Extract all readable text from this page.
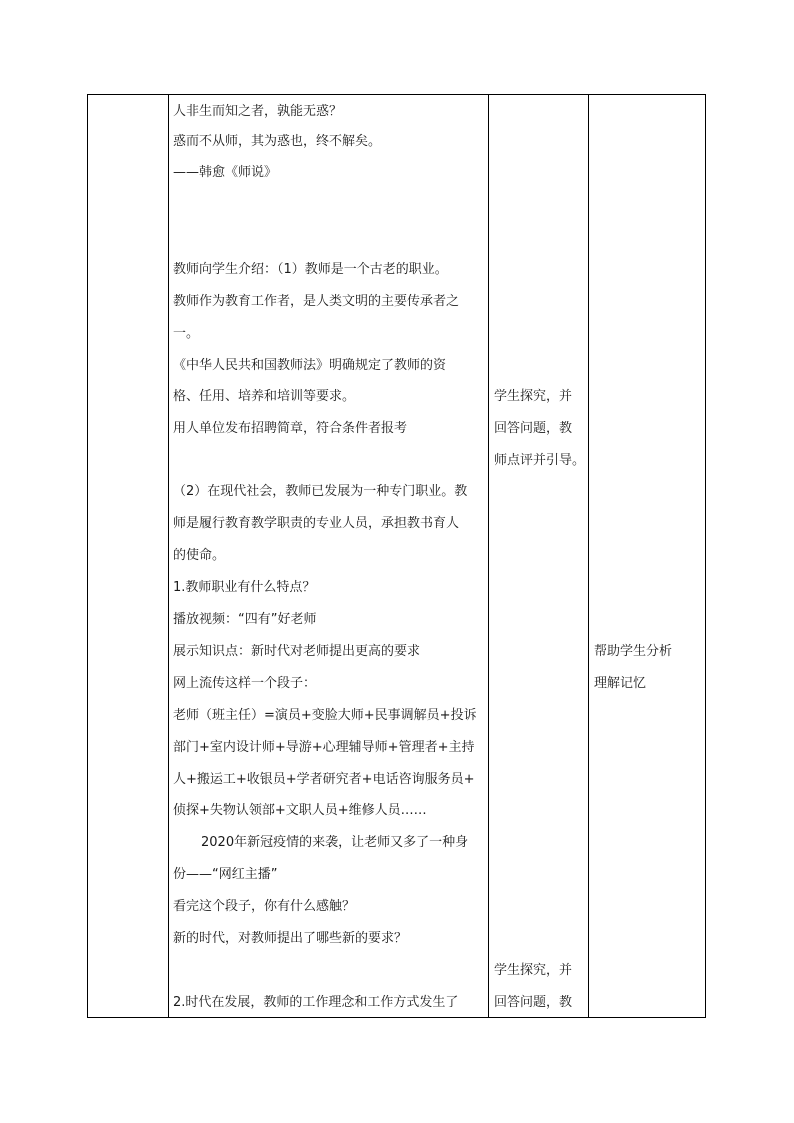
人非生而知之者，孰能无惑？
惑而不从师，其为惑也，终不解矣。
——韩愈《师说》
教师向学生介绍：（1）教师是一个古老的职业。
教师作为教育工作者，是人类文明的主要传承者之
一。
《中华人民共和国教师法》明确规定了教师的资
格、任用、培养和培训等要求。
用人单位发布招聘简章，符合条件者报考
（2）在现代社会，教师已发展为一种专门职业。教
师是履行教育教学职责的专业人员，承担教书育人
的使命。
1.教师职业有什么特点？
播放视频：“四有”好老师
展示知识点：新时代对老师提出更高的要求
网上流传这样一个段子：
老师（班主任）=演员+变脸大师+民事调解员+投诉
部门+室内设计师+导游+心理辅导师+管理者+主持
人+搬运工+收银员+学者研究者+电话咨询服务员+
侦探+失物认领部+文职人员+维修人员……
2020年新冠疫情的来袭，让老师又多了一种身
份——“网红主播”
看完这个段子，你有什么感触？
新的时代，对教师提出了哪些新的要求？
2.时代在发展，教师的工作理念和工作方式发生了
学生探究，并
回答问题，教
师点评并引导。
学生探究，并
回答问题，教
帮助学生分析
理解记忆
